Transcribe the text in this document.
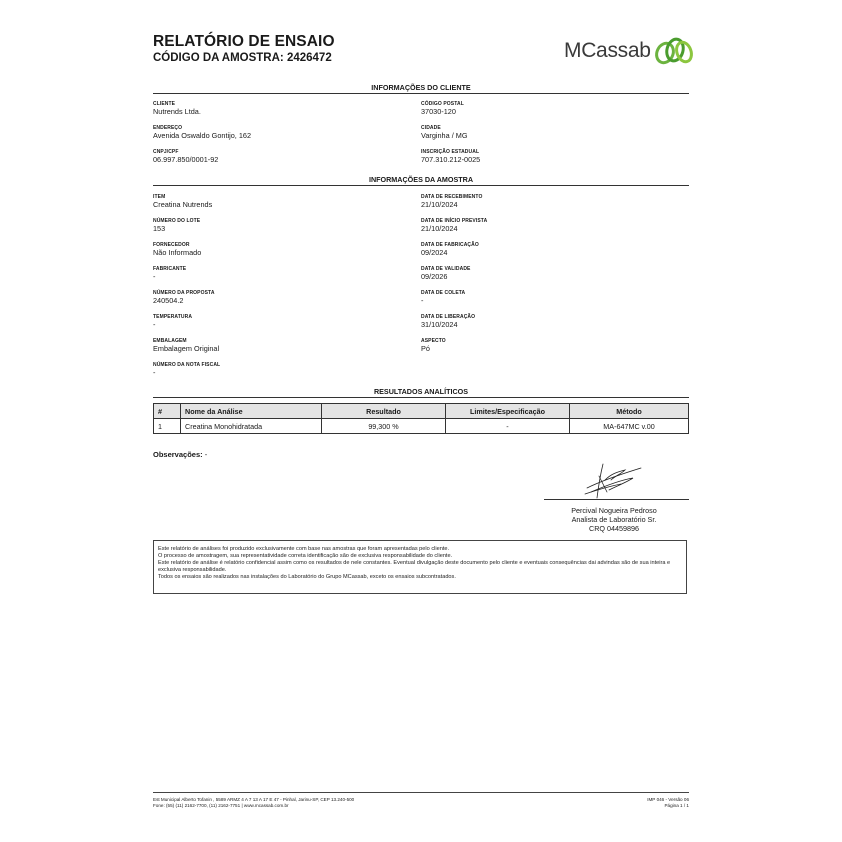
RELATÓRIO DE ENSAIO
CÓDIGO DA AMOSTRA: 2426472	MCassab
INFORMAÇÕES DO CLIENTE
CLIENTE
Nutrends Ltda.
CÓDIGO POSTAL
37030-120
ENDEREÇO
Avenida Oswaldo Gontijo, 162
CIDADE
Varginha / MG
CNPJ/CPF
06.997.850/0001-92
INSCRIÇÃO ESTADUAL
707.310.212-0025
INFORMAÇÕES DA AMOSTRA
ITEM
Creatina Nutrends
DATA DE RECEBIMENTO
21/10/2024
NÚMERO DO LOTE
153
DATA DE INÍCIO PREVISTA
21/10/2024
FORNECEDOR
Não Informado
DATA DE FABRICAÇÃO
09/2024
FABRICANTE
-
DATA DE VALIDADE
09/2026
NÚMERO DA PROPOSTA
240504.2
DATA DE COLETA
-
TEMPERATURA
-
DATA DE LIBERAÇÃO
31/10/2024
EMBALAGEM
Embalagem Original
ASPECTO
Pó
NÚMERO DA NOTA FISCAL
-
RESULTADOS ANALÍTICOS
#	Nome da Análise	Resultado	Limites/Especificação	Método
1	Creatina Monohidratada	99,300 %	-	MA-647MC v.00
Observações: -
Percival Nogueira Pedroso
Analista de Laboratório Sr.
CRQ 04459896
Este relatório de análises foi produzido exclusivamente com base nas amostras que foram apresentadas pelo cliente.
O processo de amostragem, sua representatividade correta identificação são de exclusiva responsabilidade do cliente.
Este relatório de análise é relatório confidencial assim como os resultados de nele constantes. Eventual divulgação deste documento pelo cliente e eventuais consequências dai advindas são de sua inteira e exclusiva responsabilidade.
Todos os ensaios são realizados nas instalações do Laboratório do Grupo MCassab, exceto os ensaios subcontratados.
Est Municipal Alberto Tofanin , 5589 ARMZ 4 A 7 13 A 17 E 47 - Pinhal, Jarinu-SP, CEP 13.240-500
Fone: (55) (11) 2162-7700, (11) 2162-7751 | www.mcassab.com.br
IMP 046 - Versão 06
Página 1 / 1
